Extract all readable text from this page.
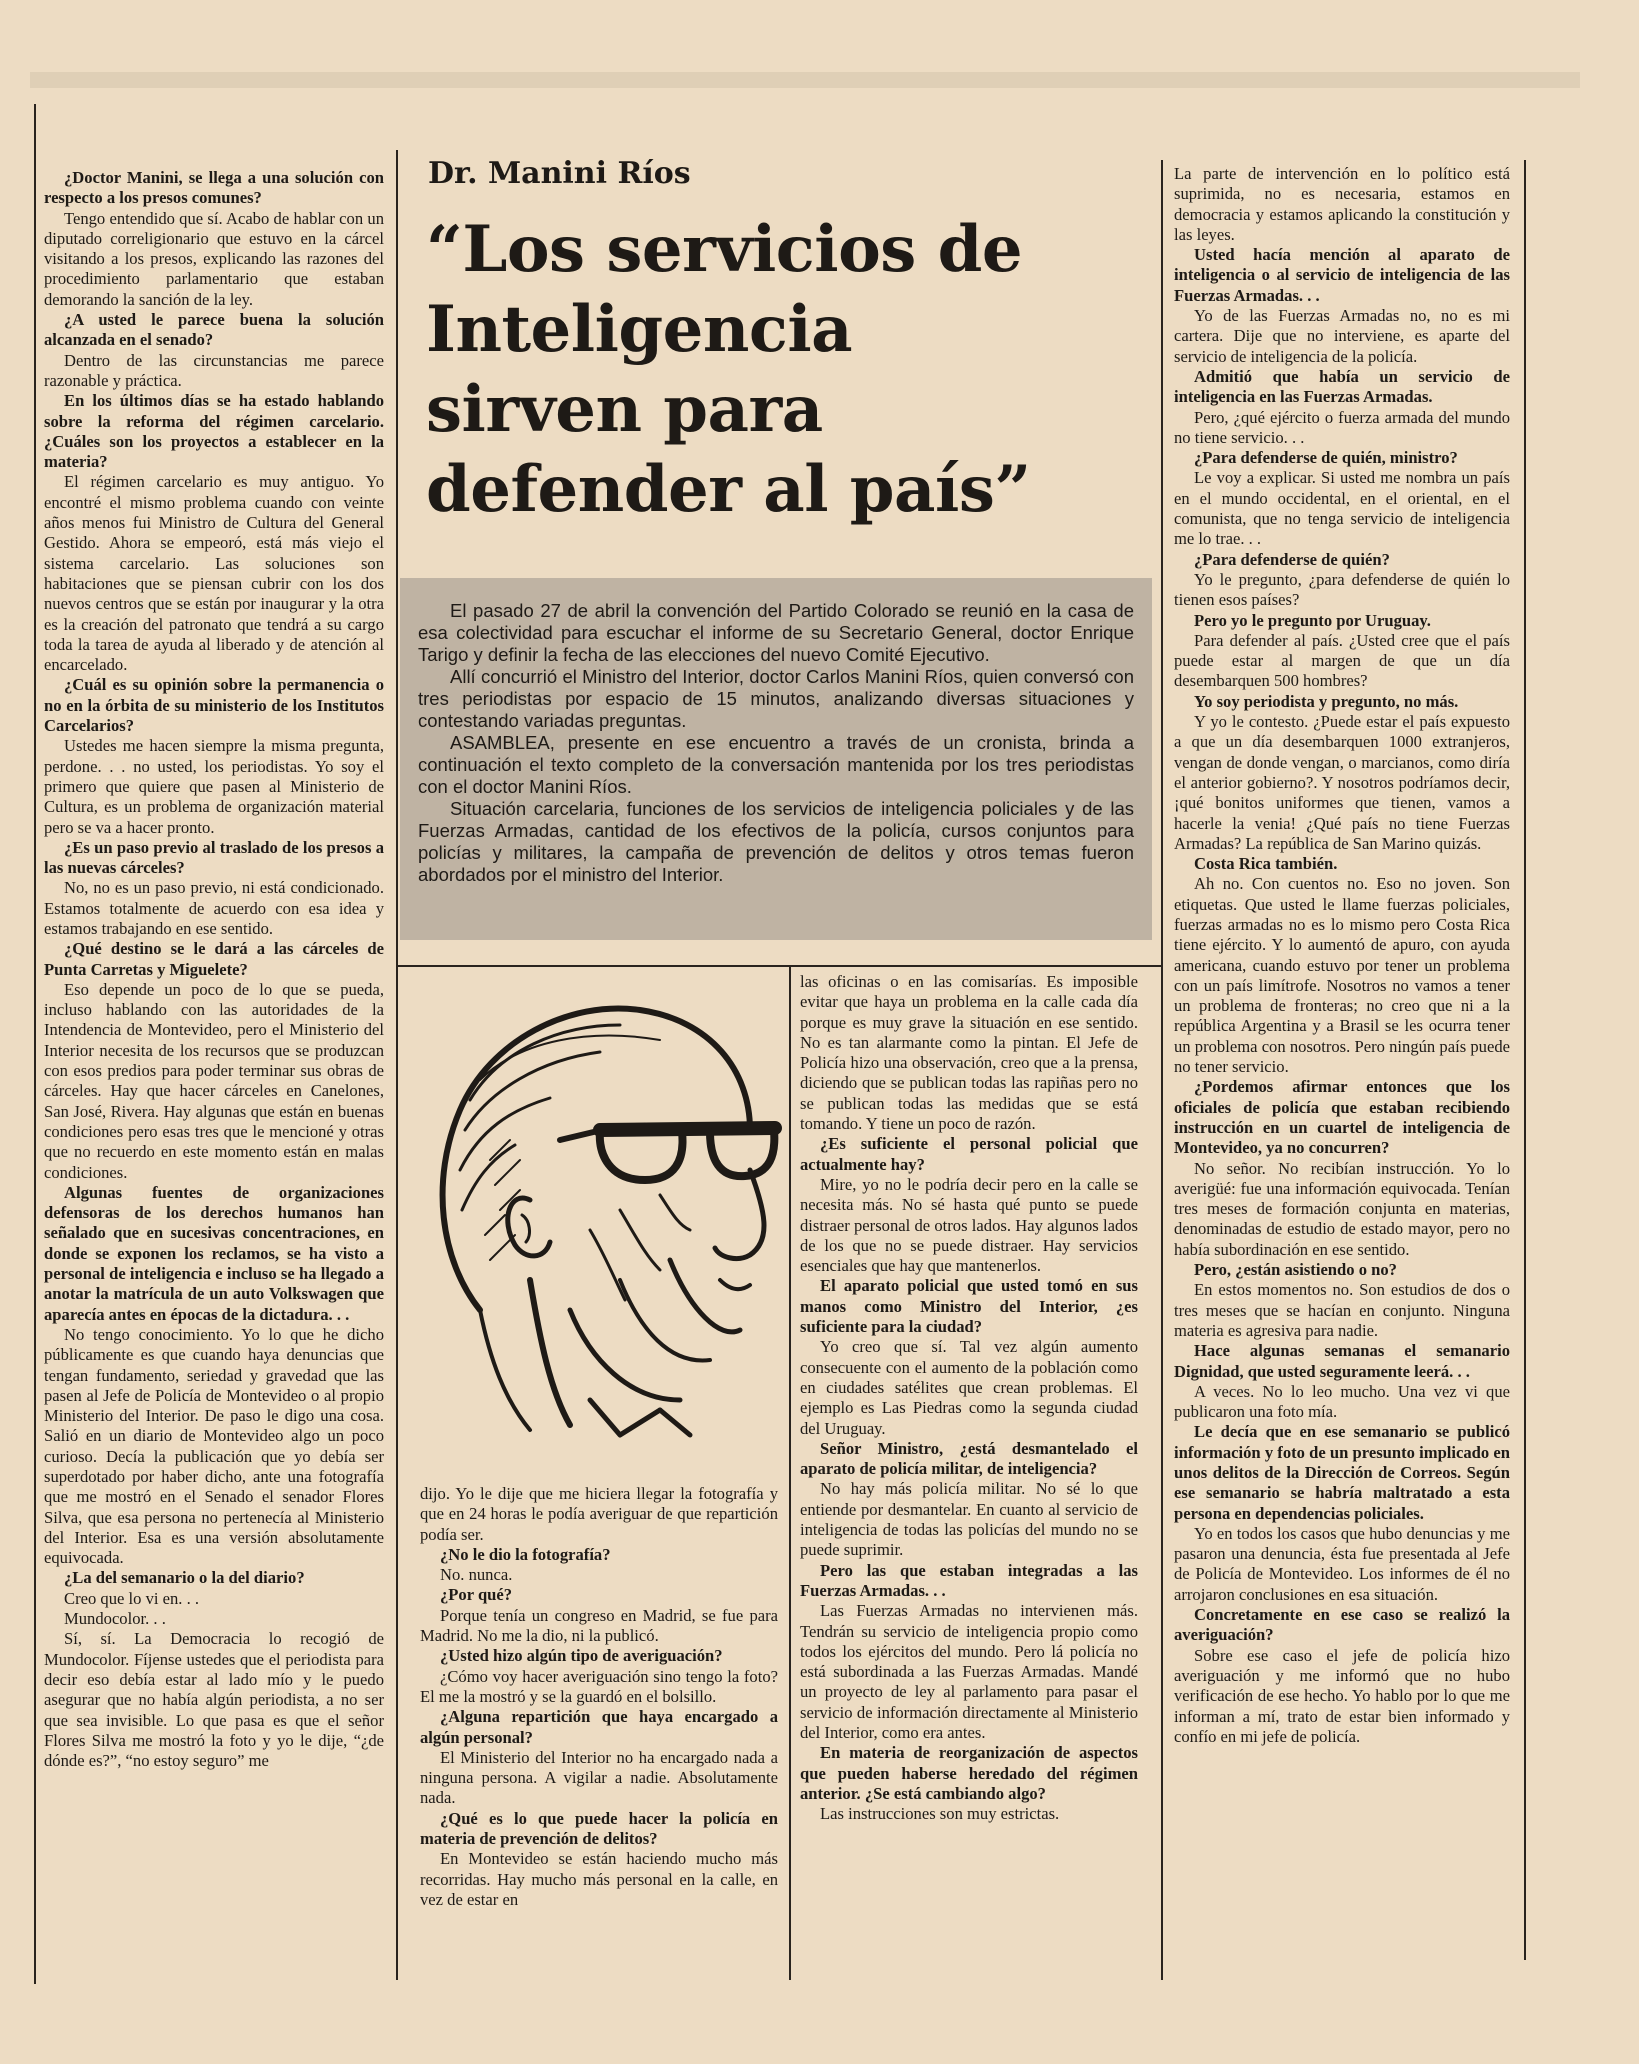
Dr. Manini Ríos
“Los servicios de Inteligencia sirven para defender al país”

El pasado 27 de abril la convención del Partido Colorado se reunió en la casa de esa colectividad para escuchar el informe de su Secretario General, doctor Enrique Tarigo y definir la fecha de las elecciones del nuevo Comité Ejecutivo.

Allí concurrió el Ministro del Interior, doctor Carlos Manini Ríos, quien conversó con tres periodistas por espacio de 15 minutos, analizando diversas situaciones y contestando variadas preguntas.

ASAMBLEA, presente en ese encuentro a través de un cronista, brinda a continuación el texto completo de la conversación mantenida por los tres periodistas con el doctor Manini Ríos.

Situación carcelaria, funciones de los servicios de inteligencia policiales y de las Fuerzas Armadas, cantidad de los efectivos de la policía, cursos conjuntos para policías y militares, la campaña de prevención de delitos y otros temas fueron abordados por el ministro del Interior.

¿Doctor Manini, se llega a una solución con respecto a los presos comunes?

Tengo entendido que sí. Acabo de hablar con un diputado correligionario que estuvo en la cárcel visitando a los presos, explicando las razones del procedimiento parlamentario que estaban demorando la sanción de la ley.

¿A usted le parece buena la solución alcanzada en el senado?

Dentro de las circunstancias me parece razonable y práctica.

En los últimos días se ha estado hablando sobre la reforma del régimen carcelario. ¿Cuáles son los proyectos a establecer en la materia?

El régimen carcelario es muy antiguo. Yo encontré el mismo problema cuando con veinte años menos fui Ministro de Cultura del General Gestido. Ahora se empeoró, está más viejo el sistema carcelario. Las soluciones son habitaciones que se piensan cubrir con los dos nuevos centros que se están por inaugurar y la otra es la creación del patronato que tendrá a su cargo toda la tarea de ayuda al liberado y de atención al encarcelado.

¿Cuál es su opinión sobre la permanencia o no en la órbita de su ministerio de los Institutos Carcelarios?

Ustedes me hacen siempre la misma pregunta, perdone. . . no usted, los periodistas. Yo soy el primero que quiere que pasen al Ministerio de Cultura, es un problema de organización material pero se va a hacer pronto.

¿Es un paso previo al traslado de los presos a las nuevas cárceles?

No, no es un paso previo, ni está condicionado. Estamos totalmente de acuerdo con esa idea y estamos trabajando en ese sentido.

¿Qué destino se le dará a las cárceles de Punta Carretas y Miguelete?

Eso depende un poco de lo que se pueda, incluso hablando con las autoridades de la Intendencia de Montevideo, pero el Ministerio del Interior necesita de los recursos que se produzcan con esos predios para poder terminar sus obras de cárceles. Hay que hacer cárceles en Canelones, San José, Rivera. Hay algunas que están en buenas condiciones pero esas tres que le mencioné y otras que no recuerdo en este momento están en malas condiciones.

Algunas fuentes de organizaciones defensoras de los derechos humanos han señalado que en sucesivas concentraciones, en donde se exponen los reclamos, se ha visto a personal de inteligencia e incluso se ha llegado a anotar la matrícula de un auto Volkswagen que aparecía antes en épocas de la dictadura. . .

No tengo conocimiento. Yo lo que he dicho públicamente es que cuando haya denuncias que tengan fundamento, seriedad y gravedad que las pasen al Jefe de Policía de Montevideo o al propio Ministerio del Interior. De paso le digo una cosa. Salió en un diario de Montevideo algo un poco curioso. Decía la publicación que yo debía ser superdotado por haber dicho, ante una fotografía que me mostró en el Senado el senador Flores Silva, que esa persona no pertenecía al Ministerio del Interior. Esa es una versión absolutamente equivocada.

¿La del semanario o la del diario?

Creo que lo vi en. . .

Mundocolor. . .

Sí, sí. La Democracia lo recogió de Mundocolor. Fíjense ustedes que el periodista para decir eso debía estar al lado mío y le puedo asegurar que no había algún periodista, a no ser que sea invisible. Lo que pasa es que el señor Flores Silva me mostró la foto y yo le dije, “¿de dónde es?”, “no estoy seguro” me

dijo. Yo le dije que me hiciera llegar la fotografía y que en 24 horas le podía averiguar de que repartición podía ser.

¿No le dio la fotografía?

No. nunca.

¿Por qué?

Porque tenía un congreso en Madrid, se fue para Madrid. No me la dio, ni la publicó.

¿Usted hizo algún tipo de averiguación?

¿Cómo voy hacer averiguación sino tengo la foto? El me la mostró y se la guardó en el bolsillo.

¿Alguna repartición que haya encargado a algún personal?

El Ministerio del Interior no ha encargado nada a ninguna persona. A vigilar a nadie. Absolutamente nada.

¿Qué es lo que puede hacer la policía en materia de prevención de delitos?

En Montevideo se están haciendo mucho más recorridas. Hay mucho más personal en la calle, en vez de estar en

las oficinas o en las comisarías. Es imposible evitar que haya un problema en la calle cada día porque es muy grave la situación en ese sentido. No es tan alarmante como la pintan. El Jefe de Policía hizo una observación, creo que a la prensa, diciendo que se publican todas las rapiñas pero no se publican todas las medidas que se está tomando. Y tiene un poco de razón.

¿Es suficiente el personal policial que actualmente hay?

Mire, yo no le podría decir pero en la calle se necesita más. No sé hasta qué punto se puede distraer personal de otros lados. Hay algunos lados de los que no se puede distraer. Hay servicios esenciales que hay que mantenerlos.

El aparato policial que usted tomó en sus manos como Ministro del Interior, ¿es suficiente para la ciudad?

Yo creo que sí. Tal vez algún aumento consecuente con el aumento de la población como en ciudades satélites que crean problemas. El ejemplo es Las Piedras como la segunda ciudad del Uruguay.

Señor Ministro, ¿está desmantelado el aparato de policía militar, de inteligencia?

No hay más policía militar. No sé lo que entiende por desmantelar. En cuanto al servicio de inteligencia de todas las policías del mundo no se puede suprimir.

Pero las que estaban integradas a las Fuerzas Armadas. . .

Las Fuerzas Armadas no intervienen más. Tendrán su servicio de inteligencia propio como todos los ejércitos del mundo. Pero lá policía no está subordinada a las Fuerzas Armadas. Mandé un proyecto de ley al parlamento para pasar el servicio de información directamente al Ministerio del Interior, como era antes.

En materia de reorganización de aspectos que pueden haberse heredado del régimen anterior. ¿Se está cambiando algo?

Las instrucciones son muy estrictas.

La parte de intervención en lo político está suprimida, no es necesaria, estamos en democracia y estamos aplicando la constitución y las leyes.

Usted hacía mención al aparato de inteligencia o al servicio de inteligencia de las Fuerzas Armadas. . .

Yo de las Fuerzas Armadas no, no es mi cartera. Dije que no interviene, es aparte del servicio de inteligencia de la policía.

Admitió que había un servicio de inteligencia en las Fuerzas Armadas.

Pero, ¿qué ejército o fuerza armada del mundo no tiene servicio. . .

¿Para defenderse de quién, ministro?

Le voy a explicar. Si usted me nombra un país en el mundo occidental, en el oriental, en el comunista, que no tenga servicio de inteligencia me lo trae. . .

¿Para defenderse de quién?

Yo le pregunto, ¿para defenderse de quién lo tienen esos países?

Pero yo le pregunto por Uruguay.

Para defender al país. ¿Usted cree que el país puede estar al margen de que un día desembarquen 500 hombres?

Yo soy periodista y pregunto, no más.

Y yo le contesto. ¿Puede estar el país expuesto a que un día desembarquen 1000 extranjeros, vengan de donde vengan, o marcianos, como diría el anterior gobierno?. Y nosotros podríamos decir, ¡qué bonitos uniformes que tienen, vamos a hacerle la venia! ¿Qué país no tiene Fuerzas Armadas? La república de San Marino quizás.

Costa Rica también.

Ah no. Con cuentos no. Eso no joven. Son etiquetas. Que usted le llame fuerzas policiales, fuerzas armadas no es lo mismo pero Costa Rica tiene ejército. Y lo aumentó de apuro, con ayuda americana, cuando estuvo por tener un problema con un país limítrofe. Nosotros no vamos a tener un problema de fronteras; no creo que ni a la república Argentina y a Brasil se les ocurra tener un problema con nosotros. Pero ningún país puede no tener servicio.

¿Pordemos afirmar entonces que los oficiales de policía que estaban recibiendo instrucción en un cuartel de inteligencia de Montevideo, ya no concurren?

No señor. No recibían instrucción. Yo lo averigüé: fue una información equivocada. Tenían tres meses de formación conjunta en materias, denominadas de estudio de estado mayor, pero no había subordinación en ese sentido.

Pero, ¿están asistiendo o no?

En estos momentos no. Son estudios de dos o tres meses que se hacían en conjunto. Ninguna materia es agresiva para nadie.

Hace algunas semanas el semanario Dignidad, que usted seguramente leerá. . .

A veces. No lo leo mucho. Una vez vi que publicaron una foto mía.

Le decía que en ese semanario se publicó información y foto de un presunto implicado en unos delitos de la Dirección de Correos. Según ese semanario se habría maltratado a esta persona en dependencias policiales.

Yo en todos los casos que hubo denuncias y me pasaron una denuncia, ésta fue presentada al Jefe de Policía de Montevideo. Los informes de él no arrojaron conclusiones en esa situación.

Concretamente en ese caso se realizó la averiguación?

Sobre ese caso el jefe de policía hizo averiguación y me informó que no hubo verificación de ese hecho. Yo hablo por lo que me informan a mí, trato de estar bien informado y confío en mi jefe de policía.
